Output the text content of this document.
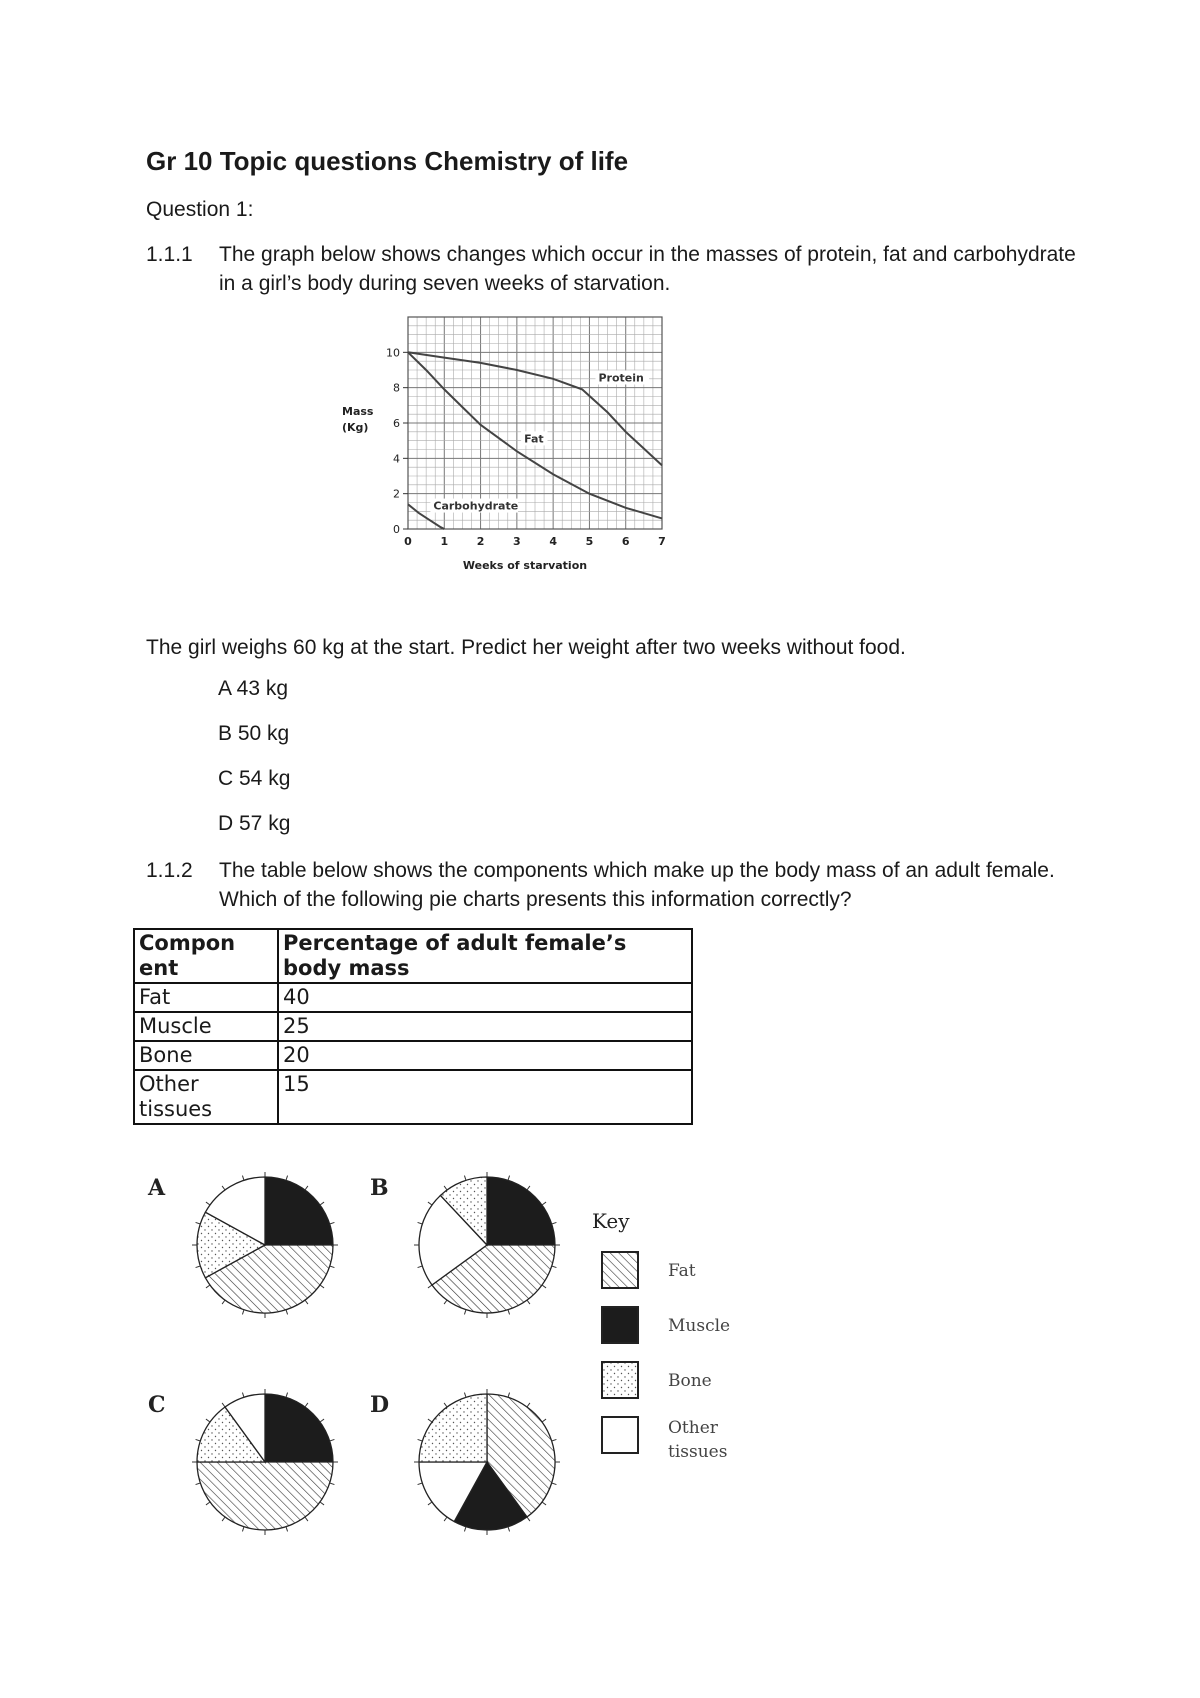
Gr 10 Topic questions Chemistry of life
Question 1:
1.1.1 The graph below shows changes which occur in the masses of protein, fat and carbohydrate in a girl’s body during seven weeks of starvation.
0
2
4
6
8
10
0	1	2	3	4	5	6	7
Weeks of starvation
Mass
(Kg)
Protein
Fat
Carbohydrate
The girl weighs 60 kg at the start. Predict her weight after two weeks without food.
A 43 kg
B 50 kg
C 54 kg
D 57 kg
1.1.2 The table below shows the components which make up the body mass of an adult female. Which of the following pie charts presents this information correctly?
Compon ent	Percentage of adult female’s body mass
Fat	40
Muscle	25
Bone	20
Other tissues	15
A	B
C	D
Key
Fat
Muscle
Bone
Other
tissues
